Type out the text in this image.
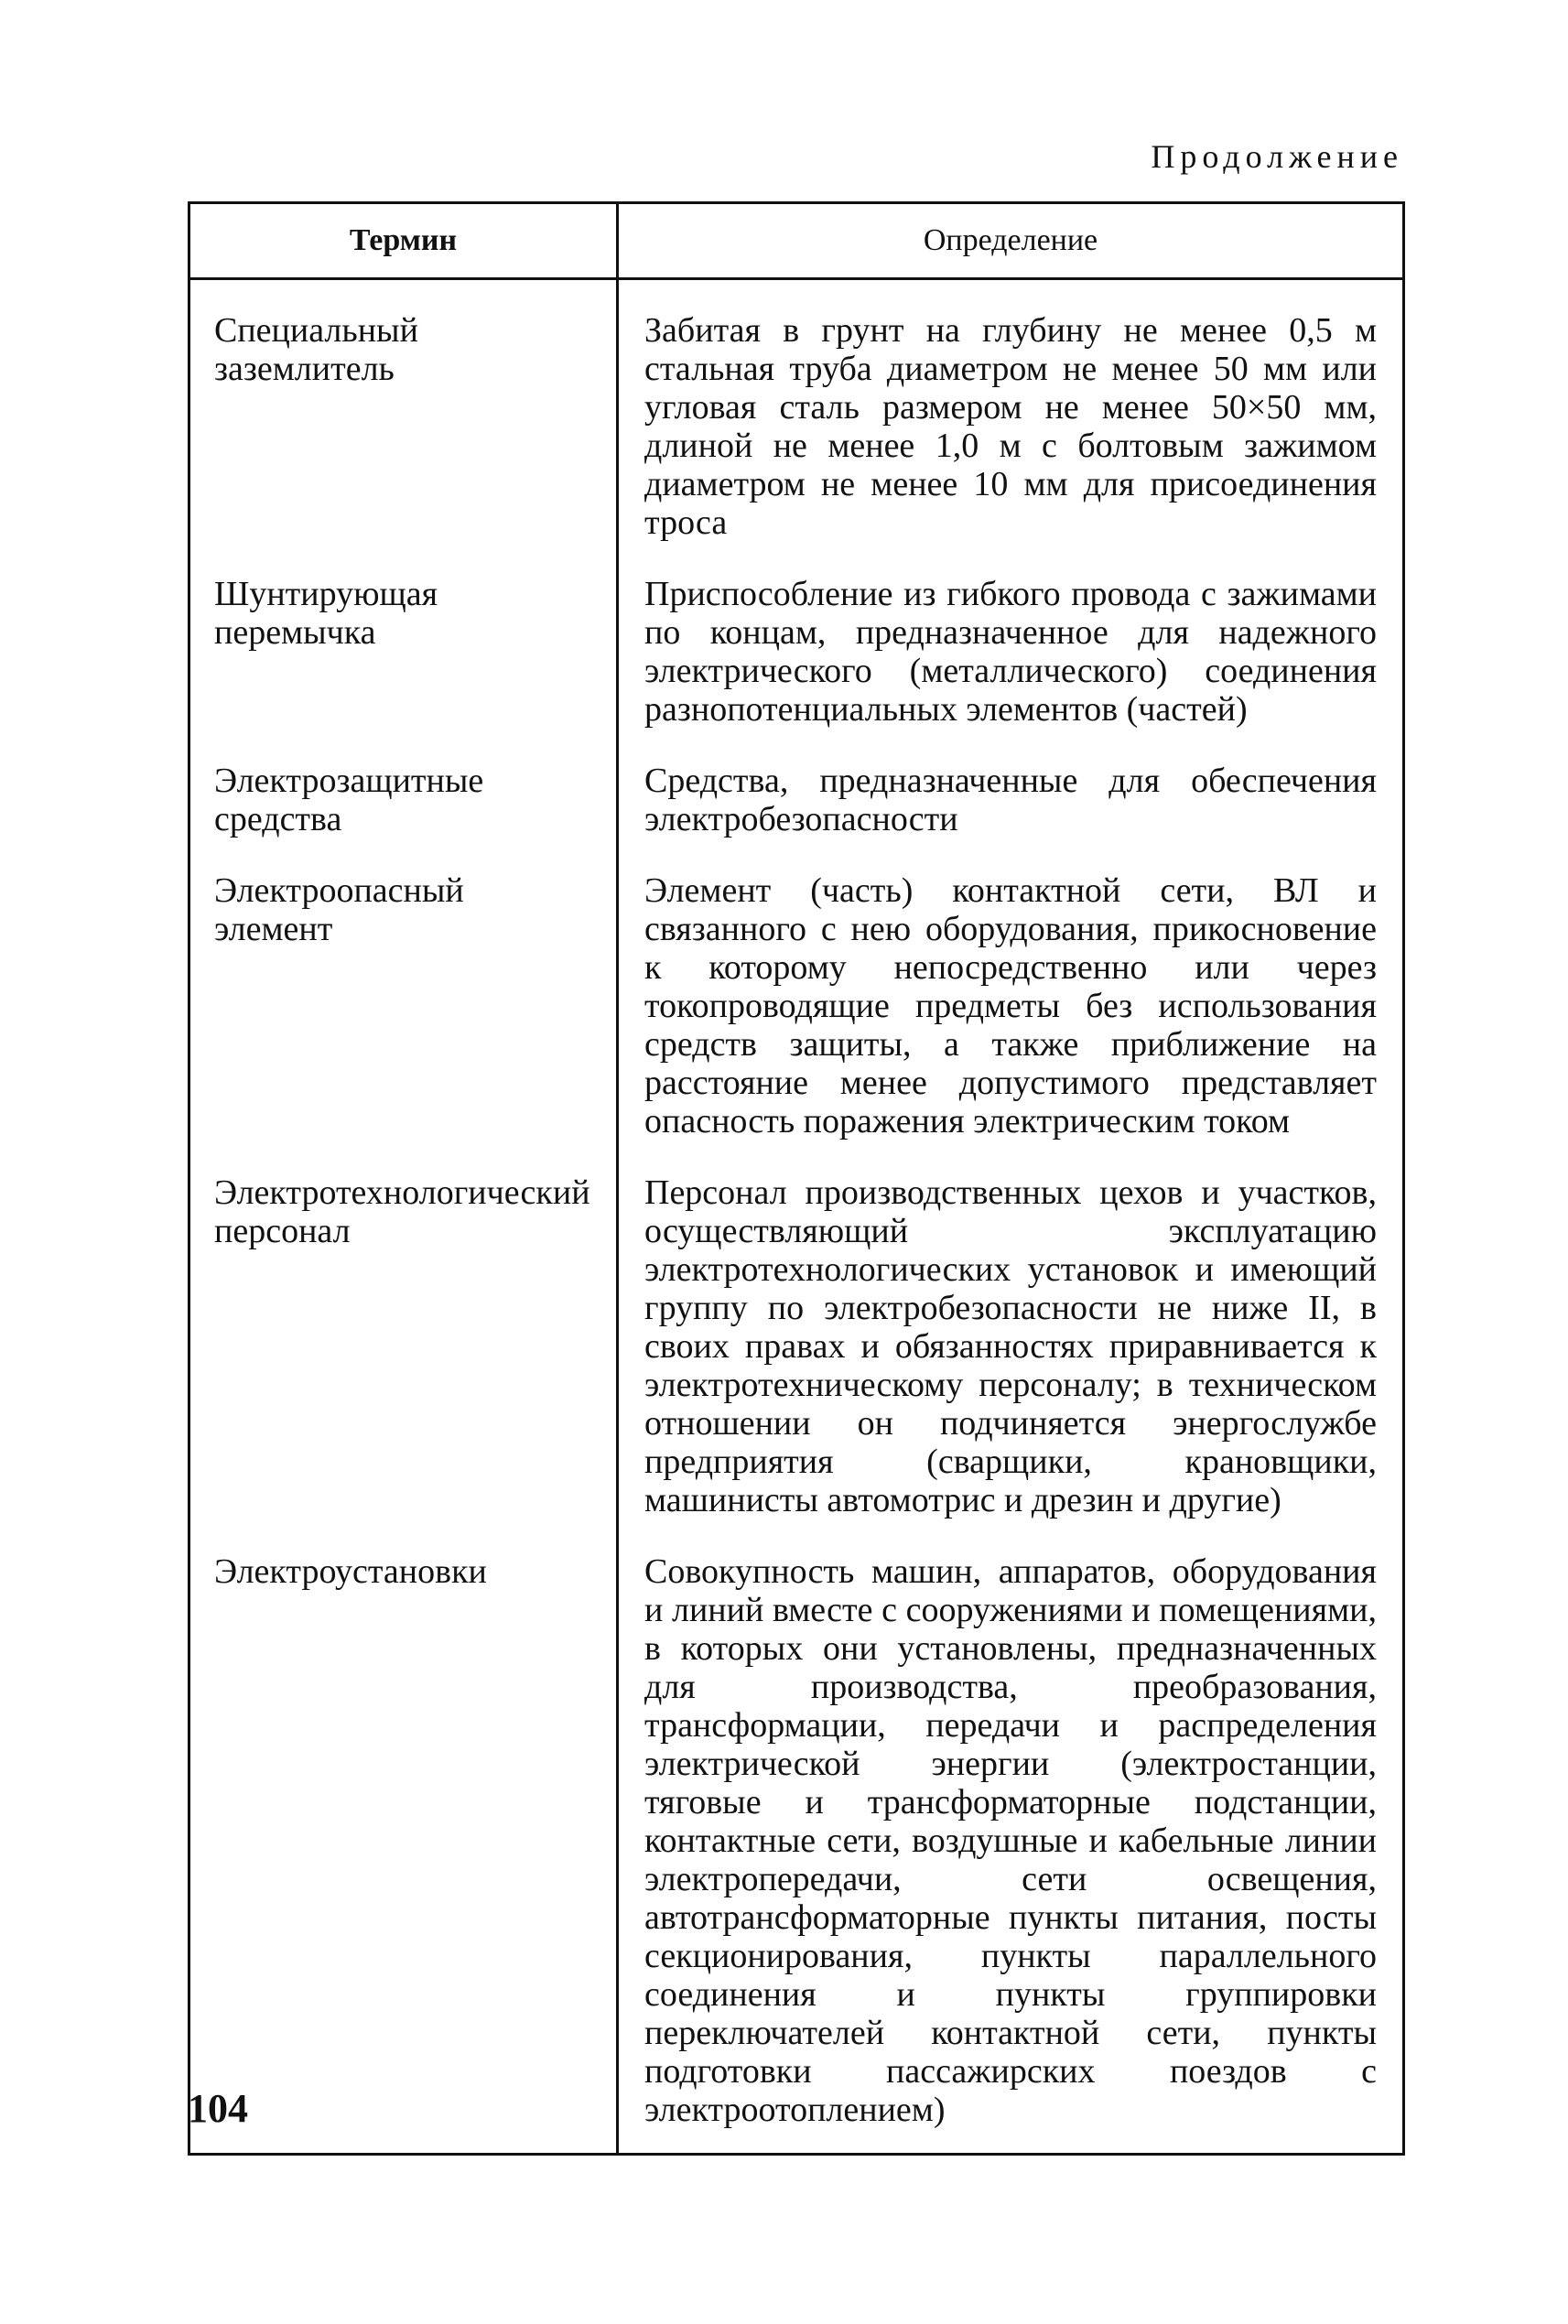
Продолжение
Термин	Определение
Специальный заземлитель	Забитая в грунт на глубину не менее 0,5 м стальная труба диаметром не менее 50 мм или угловая сталь размером не менее 50×50 мм, длиной не менее 1,0 м с болтовым зажимом диаметром не менее 10 мм для присоединения троса
Шунтирующая перемычка	Приспособление из гибкого провода с зажимами по концам, предназначенное для надежного электрического (металлического) соединения разнопотенциальных элементов (частей)
Электрозащитные средства	Средства, предназначенные для обеспечения электробезопасности
Электроопасный элемент	Элемент (часть) контактной сети, ВЛ и связанного с нею оборудования, прикосновение к которому непосредственно или через токопроводящие предметы без использования средств защиты, а также приближение на расстояние менее допустимого представляет опасность поражения электрическим током
Электротехнологический персонал	Персонал производственных цехов и участков, осуществляющий эксплуатацию электротехнологических установок и имеющий группу по электробезопасности не ниже II, в своих правах и обязанностях приравнивается к электротехническому персоналу; в техническом отношении он подчиняется энергослужбе предприятия (сварщики, крановщики, машинисты автомотрис и дрезин и другие)
Электроустановки	Совокупность машин, аппаратов, оборудования и линий вместе с сооружениями и помещениями, в которых они установлены, предназначенных для производства, преобразования, трансформации, передачи и распределения электрической энергии (электростанции, тяговые и трансформаторные подстанции, контактные сети, воздушные и кабельные линии электропередачи, сети освещения, автотрансформаторные пункты питания, посты секционирования, пункты параллельного соединения и пункты группировки переключателей контактной сети, пункты подготовки пассажирских поездов с электроотоплением)
104
